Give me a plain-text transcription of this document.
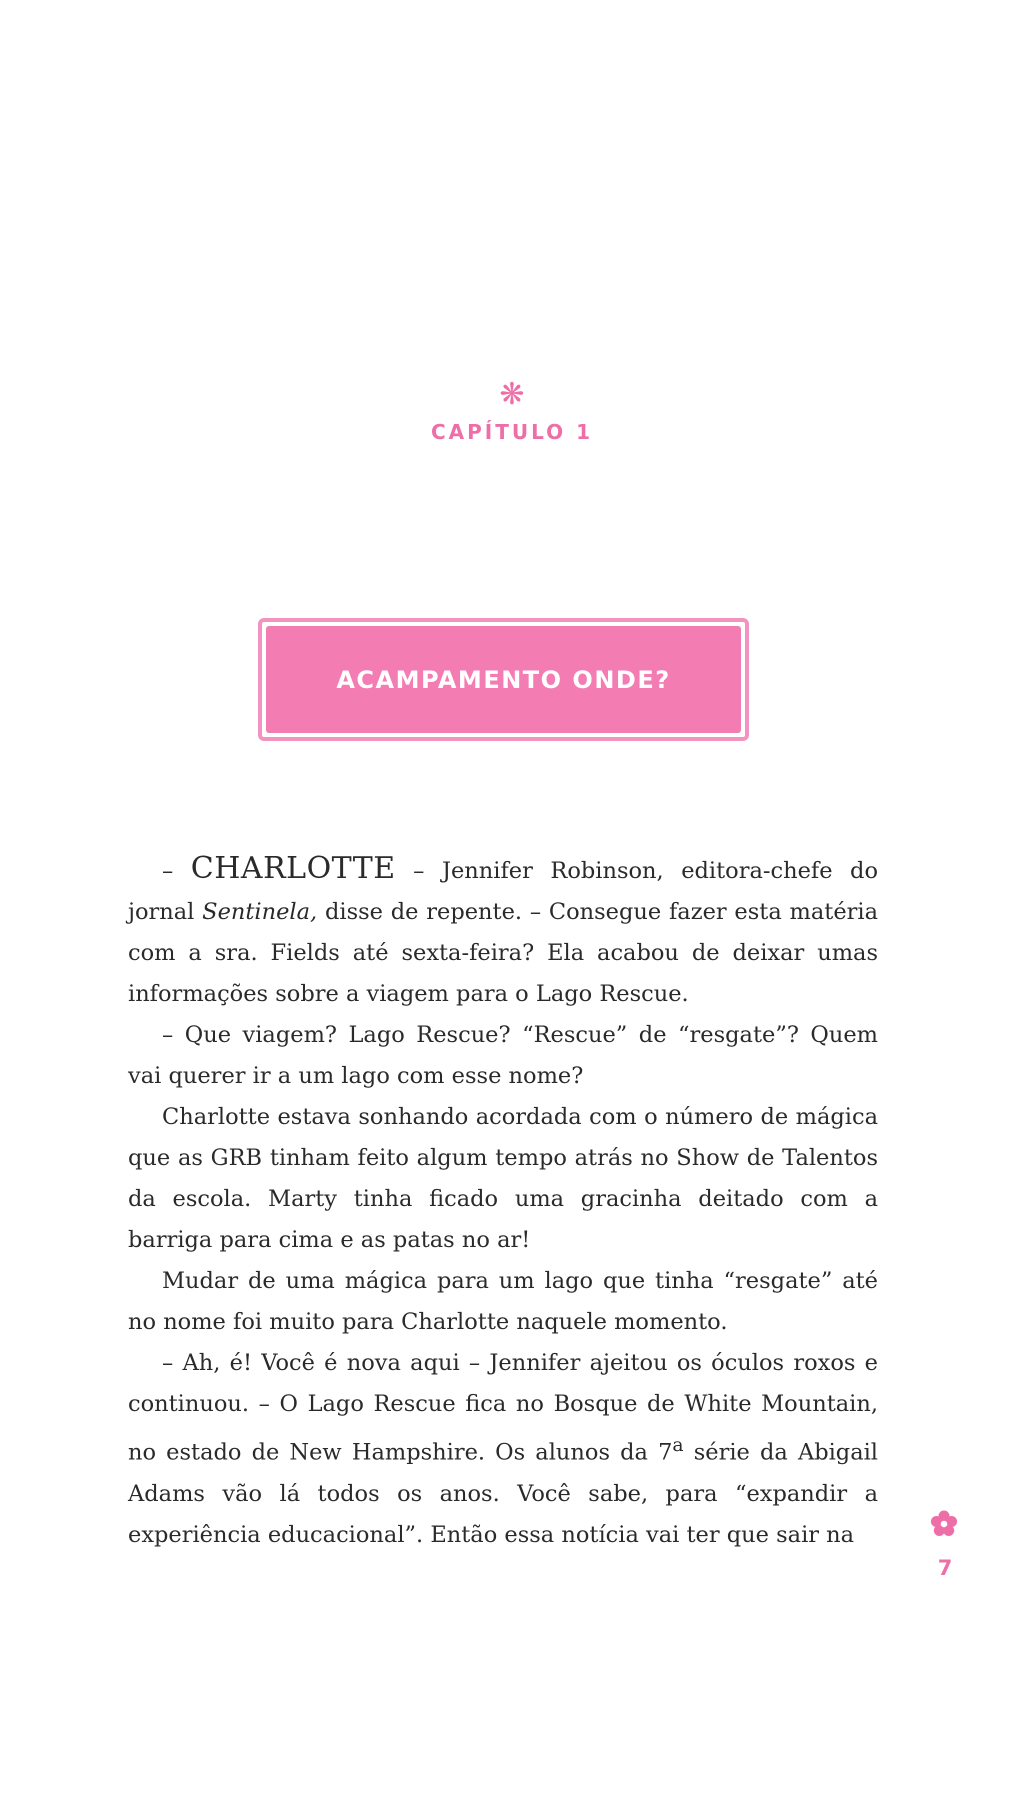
❋
CAPÍTULO 1
ACAMPAMENTO ONDE?

– CHARLOTTE – Jennifer Robinson, editora-chefe do jornal Sentinela, disse de repente. – Consegue fazer esta matéria com a sra. Fields até sexta-feira? Ela acabou de deixar umas informações sobre a viagem para o Lago Rescue.

– Que viagem? Lago Rescue? “Rescue” de “resgate”? Quem vai querer ir a um lago com esse nome?

Charlotte estava sonhando acordada com o número de mágica que as GRB tinham feito algum tempo atrás no Show de Talentos da escola. Marty tinha ficado uma gracinha deitado com a barriga para cima e as patas no ar!

Mudar de uma mágica para um lago que tinha “resgate” até no nome foi muito para Charlotte naquele momento.

– Ah, é! Você é nova aqui – Jennifer ajeitou os óculos roxos e continuou. – O Lago Rescue fica no Bosque de White Mountain, no estado de New Hampshire. Os alunos da 7$^a$ série da Abigail Adams vão lá todos os anos. Você sabe, para “expandir a experiência educacional”. Então essa notícia vai ter que sair na

7
